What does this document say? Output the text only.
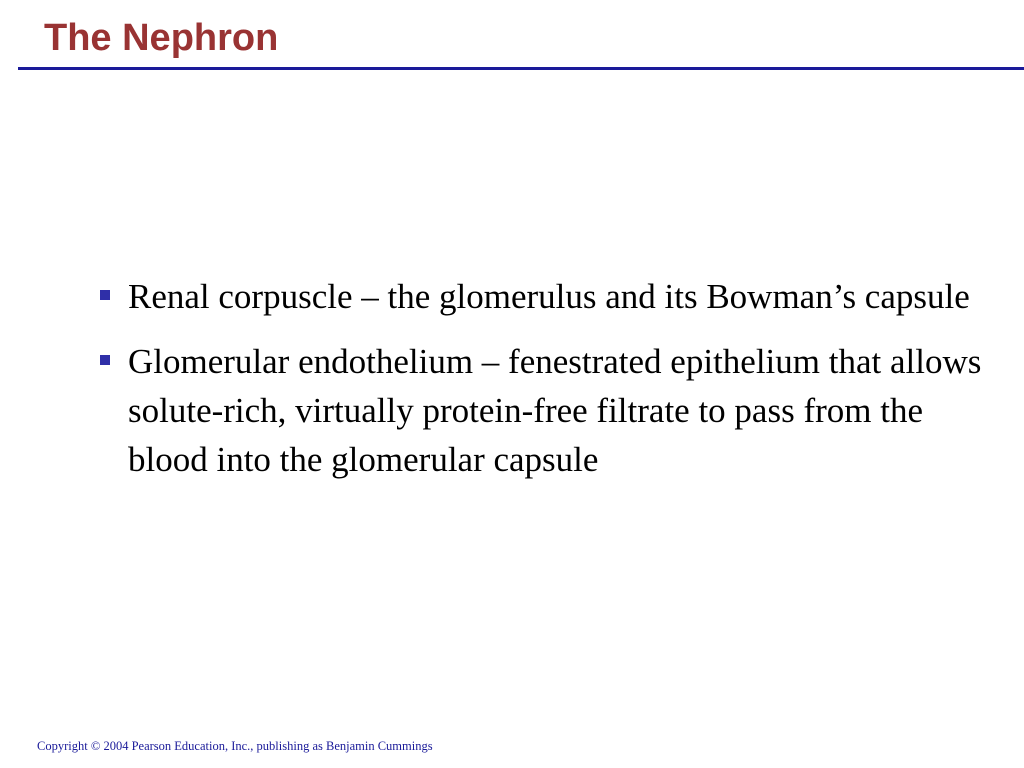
The Nephron
Renal corpuscle – the glomerulus and its Bowman’s capsule
Glomerular endothelium – fenestrated epithelium that allows solute-rich, virtually protein-free filtrate to pass from the blood into the glomerular capsule

Copyright © 2004 Pearson Education, Inc., publishing as Benjamin Cummings
